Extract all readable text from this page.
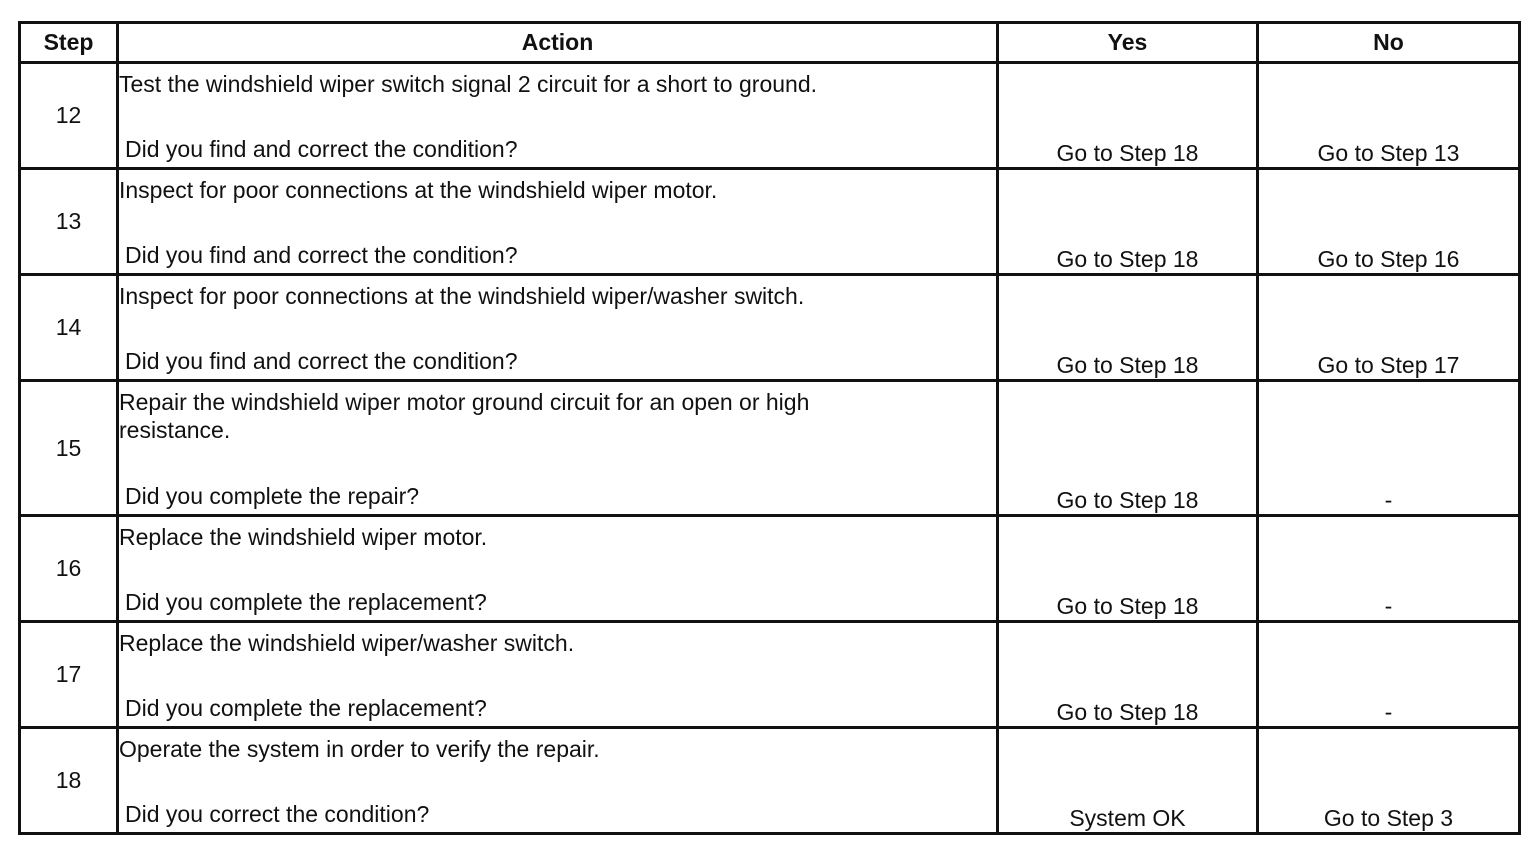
Step	Action	Yes	No
12	Test the windshield wiper switch signal 2 circuit for a short to ground.
Did you find and correct the condition?	Go to Step 18	Go to Step 13
13	Inspect for poor connections at the windshield wiper motor.
Did you find and correct the condition?	Go to Step 18	Go to Step 16
14	Inspect for poor connections at the windshield wiper/washer switch.
Did you find and correct the condition?	Go to Step 18	Go to Step 17
15	Repair the windshield wiper motor ground circuit for an open or high
resistance.
Did you complete the repair?	Go to Step 18	-
16	Replace the windshield wiper motor.
Did you complete the replacement?	Go to Step 18	-
17	Replace the windshield wiper/washer switch.
Did you complete the replacement?	Go to Step 18	-
18	Operate the system in order to verify the repair.
Did you correct the condition?	System OK	Go to Step 3
